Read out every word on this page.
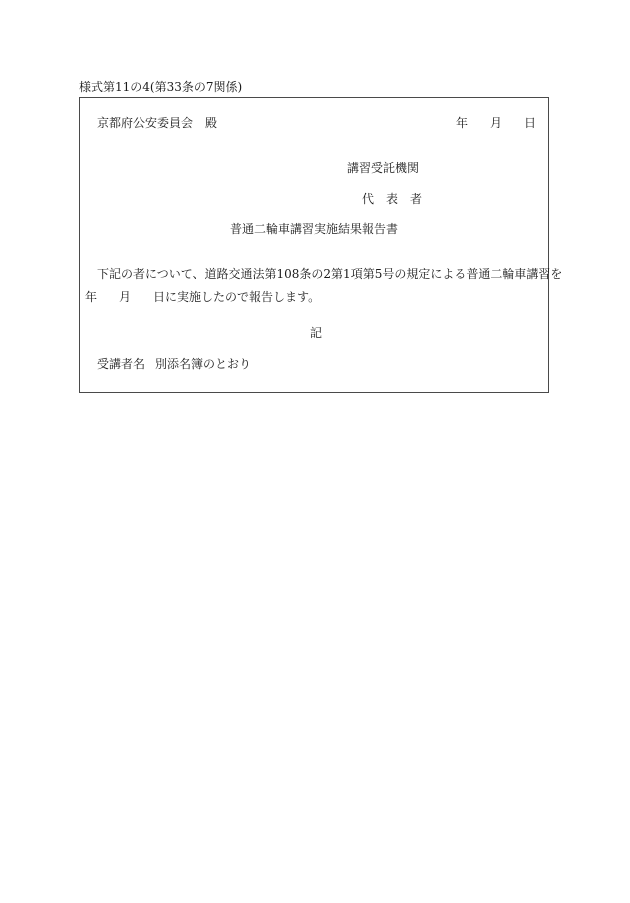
様式第11の4(第33条の7関係)
京都府公安委員会　殿	年 月 日
講習受託機関
代　表　者
普通二輪車講習実施結果報告書
下記の者について、道路交通法第108条の2第1項第5号の規定による普通二輪車講習を
年 月 日に実施したので報告します。
記
受講者名 別添名簿のとおり
